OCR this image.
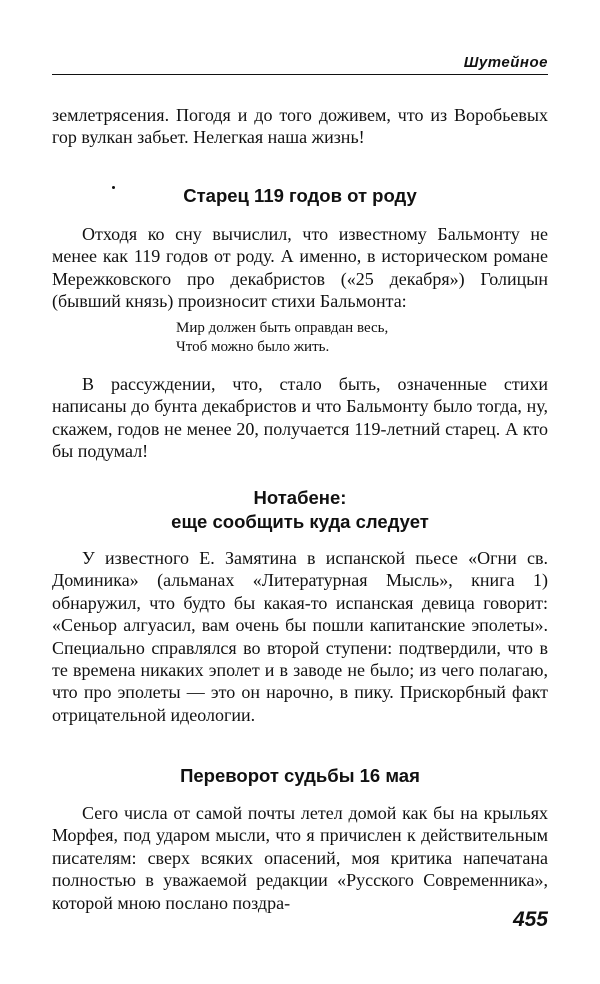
Шутейное

землетрясения. Погодя и до того доживем, что из Воробьевых гор вулкан забьет. Нелегкая наша жизнь!

Старец 119 годов от роду

Отходя ко сну вычислил, что известному Бальмонту не менее как 119 годов от роду. А именно, в историческом романе Мережковского про декабристов («25 декабря») Голицын (бывший князь) произносит стихи Бальмонта:

Мир должен быть оправдан весь,
Чтоб можно было жить.

В рассуждении, что, стало быть, означенные стихи написаны до бунта декабристов и что Бальмонту было тогда, ну, скажем, годов не менее 20, получается 119-летний старец. А кто бы подумал!

Нотабене:
еще сообщить куда следует

У известного Е. Замятина в испанской пьесе «Огни св. Доминика» (альманах «Литературная Мысль», книга 1) обнаружил, что будто бы какая-то испанская девица говорит: «Сеньор алгуасил, вам очень бы пошли капитанские эполеты». Специально справлялся во второй ступени: подтвердили, что в те времена никаких эполет и в заводе не было; из чего полагаю, что про эполеты — это он нарочно, в пику. Прискорбный факт отрицательной идеологии.

Переворот судьбы 16 мая

Сего числа от самой почты летел домой как бы на крыльях Морфея, под ударом мысли, что я причислен к действительным писателям: сверх всяких опасений, моя критика напечатана полностью в уважаемой редакции «Русского Современника», которой мною послано поздра-

455
